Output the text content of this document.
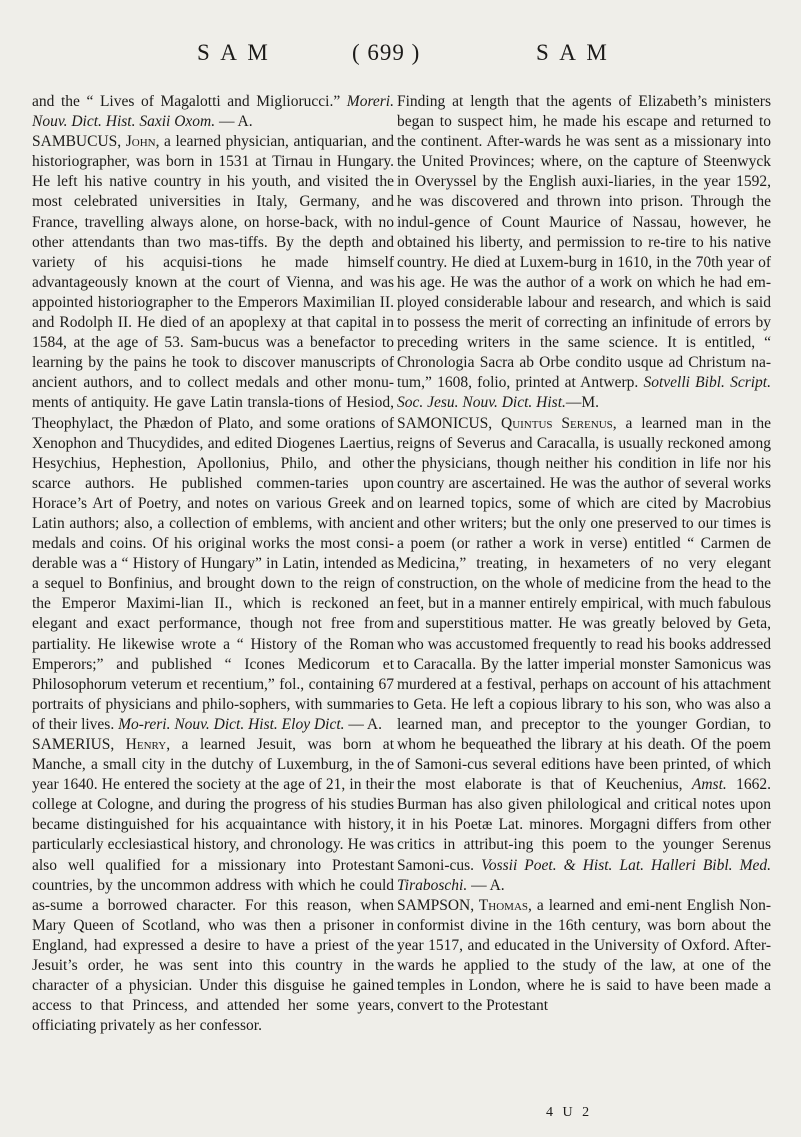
S A M	( 699 )	S A M

and the “ Lives of Magalotti and Migliorucci.” Moreri. Nouv. Dict. Hist. Saxii Oxom. — A.

SAMBUCUS, John, a learned physician, antiquarian, and historiographer, was born in 1531 at Tirnau in Hungary. He left his native country in his youth, and visited the most celebrated universities in Italy, Germany, and France, travelling always alone, on horse-back, with no other attendants than two mas-tiffs. By the depth and variety of his acquisi-tions he made himself advantageously known at the court of Vienna, and was appointed historiographer to the Emperors Maximilian II. and Rodolph II. He died of an apoplexy at that capital in 1584, at the age of 53. Sam-bucus was a benefactor to learning by the pains he took to discover manuscripts of ancient authors, and to collect medals and other monu-ments of antiquity. He gave Latin transla-tions of Hesiod, Theophylact, the Phædon of Plato, and some orations of Xenophon and Thucydides, and edited Diogenes Laertius, Hesychius, Hephestion, Apollonius, Philo, and other scarce authors. He published commen-taries upon Horace’s Art of Poetry, and notes on various Greek and Latin authors; also, a collection of emblems, with ancient medals and coins. Of his original works the most consi-derable was a “ History of Hungary” in Latin, intended as a sequel to Bonfinius, and brought down to the reign of the Emperor Maximi-lian II., which is reckoned an elegant and exact performance, though not free from partiality. He likewise wrote a “ History of the Roman Emperors;” and published “ Icones Medicorum et Philosophorum veterum et recentium,” fol., containing 67 portraits of physicians and philo-sophers, with summaries of their lives. Mo-reri. Nouv. Dict. Hist. Eloy Dict. — A.

SAMERIUS, Henry, a learned Jesuit, was born at Manche, a small city in the dutchy of Luxemburg, in the year 1640. He entered the society at the age of 21, in their college at Cologne, and during the progress of his studies became distinguished for his acquaintance with history, particularly ecclesiastical history, and chronology. He was also well qualified for a missionary into Protestant countries, by the uncommon address with which he could as-sume a borrowed character. For this reason, when Mary Queen of Scotland, who was then a prisoner in England, had expressed a desire to have a priest of the Jesuit’s order, he was sent into this country in the character of a physician. Under this disguise he gained access to that Princess, and attended her some years, officiating privately as her confessor.

Finding at length that the agents of Elizabeth’s ministers began to suspect him, he made his escape and returned to the continent. After-wards he was sent as a missionary into the United Provinces; where, on the capture of Steenwyck in Overyssel by the English auxi-liaries, in the year 1592, he was discovered and thrown into prison. Through the indul-gence of Count Maurice of Nassau, however, he obtained his liberty, and permission to re-tire to his native country. He died at Luxem-burg in 1610, in the 70th year of his age. He was the author of a work on which he had em-ployed considerable labour and research, and which is said to possess the merit of correcting an infinitude of errors by preceding writers in the same science. It is entitled, “ Chronologia Sacra ab Orbe condito usque ad Christum na-tum,” 1608, folio, printed at Antwerp. Sotvelli Bibl. Script. Soc. Jesu. Nouv. Dict. Hist.—M.

SAMONICUS, Quintus Serenus, a learned man in the reigns of Severus and Caracalla, is usually reckoned among the physicians, though neither his condition in life nor his country are ascertained. He was the author of several works on learned topics, some of which are cited by Macrobius and other writers; but the only one preserved to our times is a poem (or rather a work in verse) entitled “ Carmen de Medicina,” treating, in hexameters of no very elegant construction, on the whole of medicine from the head to the feet, but in a manner entirely empirical, with much fabulous and superstitious matter. He was greatly beloved by Geta, who was accustomed frequently to read his books addressed to Caracalla. By the latter imperial monster Samonicus was murdered at a festival, perhaps on account of his attachment to Geta. He left a copious library to his son, who was also a learned man, and preceptor to the younger Gordian, to whom he bequeathed the library at his death. Of the poem of Samoni-cus several editions have been printed, of which the most elaborate is that of Keuchenius, Amst. 1662. Burman has also given philological and critical notes upon it in his Poetæ Lat. minores. Morgagni differs from other critics in attribut-ing this poem to the younger Serenus Samoni-cus. Vossii Poet. & Hist. Lat. Halleri Bibl. Med. Tiraboschi. — A.

SAMPSON, Thomas, a learned and emi-nent English Non-conformist divine in the 16th century, was born about the year 1517, and educated in the University of Oxford. After-wards he applied to the study of the law, at one of the temples in London, where he is said to have been made a convert to the Protestant

4 U 2
